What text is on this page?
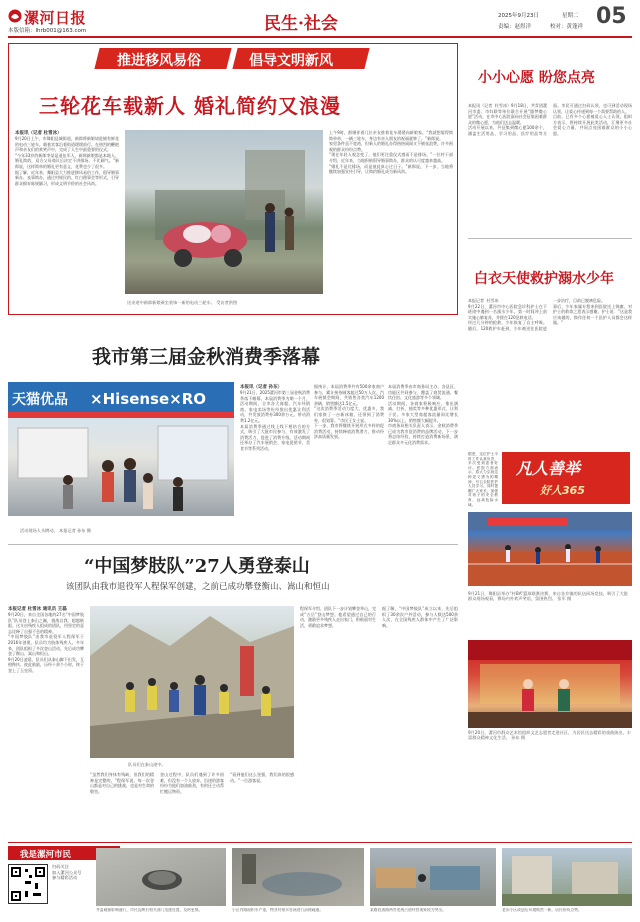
漯河日报
本版信箱：lhrb001@163.com	民生·社会	2025年9月23日	星期二
责编：赵煜洋	校对：黄蓬祥 05
推进移风易俗	倡导文明新风
三轮花车载新人 婚礼简约又浪漫
本报讯（记者 杜雪冰）
9月20日上午，市舞阳县城街道，新郎将新娘请进铺有鲜花的电动三轮车，载着宾客沿着街道缓缓前行。在热烈的鞭炮声和亲友们的欢笑声中，完成了人生中最重要的仪式。
“今年33岁的新郎李某是退伍军人，新郎新娘都是本地人，婚礼简约，双方父母商议后决定不讲排场、不比阔气。”新郎说，这样简单的婚礼更有意义，花费也少了很多。
据了解，近年来，舞阳县大力推进移风易俗工作，倡导婚事新办、丧事简办，通过村规民约、红白理事会等形式，引导群众摒弃陈规陋习，形成文明节俭的社会风尚。
送亲途中新郎新娘乘坐装饰一新的电动三轮车。 受访者供图
上午9时，群婚伴着几位亲友推着花车缓缓向新娘家。“我就想娶得简简单单，一辆三轮车，身边有亲人朋友的祝福就够了。”新郎说。
家里条件虽不宽裕，但新人的婚礼办得热热闹闹又不铺张浪费。许多围观的群众纷纷点赞。
“现在年轻人观念变了，他们更注重仪式感而不是排场。”一位村干部介绍，近年来，当地积极倡导婚事简办，群众的认可度越来越高。
“婚礼不是比排场，而是彼此真心过日子。”新郎说。下一步，当地将继续加强宣传引导，让简约婚礼成为新风尚。
小小心愿 盼您点亮
本报讯（记者  杜雪冰）9月18日，共青团漯河市委、市妇联等单位联合开展“圆梦微心愿”活动，在市中心医院面向社会征集困难群众的微心愿，为他们送去温暖。
活动开展以来，共征集到微心愿100余个，涵盖生活用品、学习用品、医疗用品等方面。市民可通过扫码认领，也可到活动现场认领，让爱心传递到每一个需要帮助的人。
目前，已有多个心愿被爱心人士认领。组织方表示，将持续开展此类活动，汇聚更多社会爱心力量，共同点亮困难群众的小小心愿。
白衣天使救护溺水少年
本报记者  杜雪冰
9月22日，漯河市中心医院急诊科护士在下班途中遇到一名溺水少年，第一时间冲上前实施心肺复苏，并拨打120急救电话。
经过几分钟的抢救，少年恢复了自主呼吸。随后，120救护车赶到，少年被送往医院进一步治疗，目前已脱离危险。
事后，少年家属专程来到医院送上锦旗，对护士的救命之恩表示感谢。护士说：“这是我应该做的，换作任何一个医护人员都会这样做。”
凡人善举
好人365
据悉，这位护士平时工作认真负责，多次受到患者好评。医院方面表示，将大力弘扬这种见义勇为的精神，号召全院医护人员学习。同时提醒广大家长，加强对孩子的安全教育，远离危险水域。
9月21日，舞阳县举办“村BA”篮球联赛决赛，来自各乡镇的队伍同场竞技，吸引了大批群众现场观看，赛场内外欢声笑语，氛围热烈。 张军 摄
9月20日，漯河市群众艺术馆组织文艺志愿者走进社区，为居民送去精彩的戏曲演出，丰富群众精神文化生活。 孙东 摄
我市第三届金秋消费季落幕
天猫优品 ×Hisense×RO
活动现场人头攒动。 本报记者 孙东 摄
本报讯（记者 孙东）
9月21日，2025漯河市第三届金秋消费季落下帷幕。本届消费季为期一个月，活动期间，全市各大商超、汽车经销商、家电卖场等纷纷推出优惠让利活动，共发放消费券300余万元，带动消费1.2亿元。
本届消费季通过线上线下相结合的方式，吸引了大批市民参与，有效激发了消费活力，促进了消费升级。活动期间还举办了汽车展销会、家电促销节、美食节等系列活动。
据统计，本届消费季共有500余家商户参与，累计接待顾客超过50万人次。汽车展销会期间，共销售各类汽车1200余辆，销售额达1.5亿元。
“这次消费季活动力度大，优惠多，我们家换了一台新冰箱，还领到了消费券，很划算。”市民王女士说。
下一步，我市将继续开展形式多样的促消费活动，持续释放消费潜力，推动经济高质量发展。
本届消费季由市商务局主办，各县区、功能区共同参与，覆盖了商贸流通、餐饮住宿、文化旅游等多个领域。
活动期间，各商家积极响应，推出满减、打折、抽奖等多种优惠形式，让利于民。多家大型商超客流量同比增长30%以上，销售额大幅提升。
市商务局相关负责人表示，金秋消费季已成为我市促消费的品牌活动，下一步将总结经验，持续打造消费新场景，满足群众多元化消费需求。
“中国梦肢队”27人勇登泰山
该团队由我市退役军人程保军创建，之前已成功攀登衡山、嵩山和恒山
本报记者 杜雪冰 通讯员 王磊
9月20日，来自全国各地的27名“中国梦肢队”队员登上泰山之巅，挑战自我、超越极限。这支由残疾人组成的团队，用坚定的意志诠释了自强不息的精神。
“中国梦肢队”由我市退役军人程保军于2016年创建，队员均为肢体残疾人。多年来，团队组织了多次登山活动，先后成功攀登了衡山、嵩山和恒山。
9月20日凌晨，队员们从泰山脚下出发，互相搀扶、彼此鼓励，历经十余个小时，终于登上了玉皇顶。
队员们在泰山途中。
“虽然我们身体有残缺，但我们的精神是完整的。”程保军说，每一次登山都是对自己的挑战，也是对生命的敬畏。
登山过程中，队员们遇到了许多困难，但没有一个人放弃。沿途的游客纷纷为他们加油鼓劲，有的还主动帮忙搬运物资。
“看到他们这么坚强，我们真的很感动。”一位游客说。
程保军介绍，团队下一步计划攀登华山，完成“五岳”登山梦想。他希望通过自己的行动，激励更多残疾人走出家门，积极面对生活，勇敢追求梦想。
据了解，“中国梦肢队”成立以来，先后组织了30余次户外活动，参与人数达500余人次，在全国残疾人群体中产生了广泛影响。
我是漯河市民
扫码关注
加入漯河公众号
参与精彩活动
井盖破损影响通行，市民反映后相关部门迅速处置，及时更换。	小区内路面积水严重，物业对排水管网进行清理疏通。	某路段道路两旁违规占道经营现象较为突出。	老旧小区改造后环境焕然一新，居民纷纷点赞。
